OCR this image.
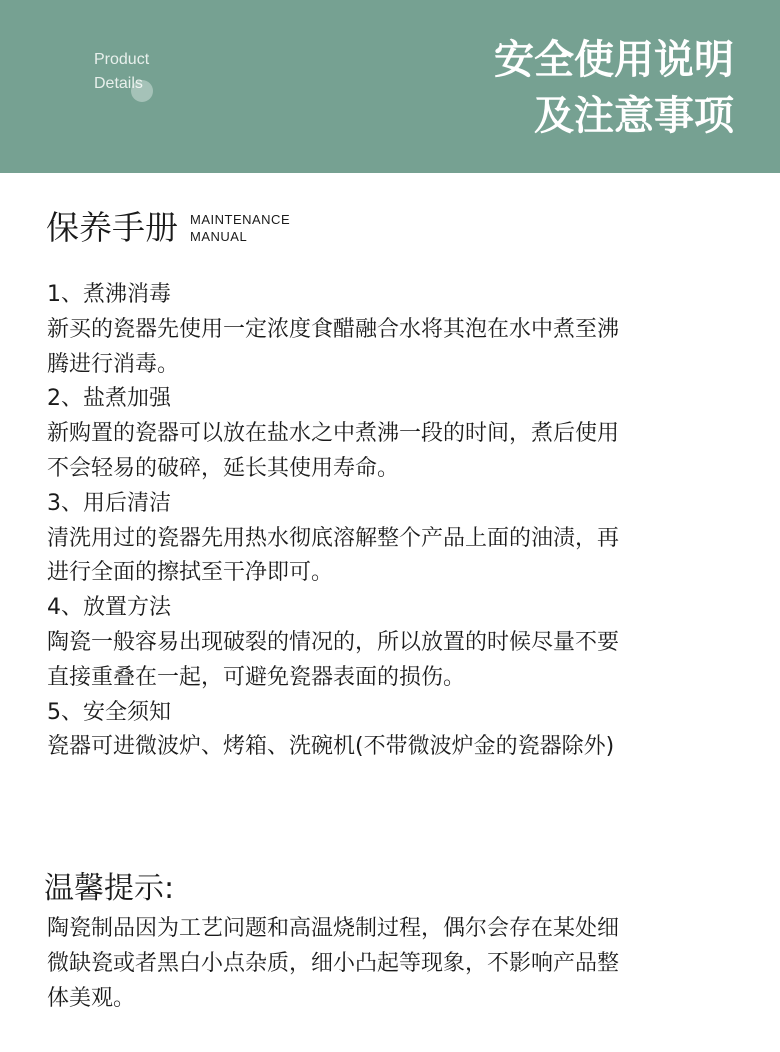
Product
Details
安全使用说明
及注意事项
保养手册 MAINTENANCE
MANUAL
1、煮沸消毒
新买的瓷器先使用一定浓度食醋融合水将其泡在水中煮至沸
腾进行消毒。
2、盐煮加强
新购置的瓷器可以放在盐水之中煮沸一段的时间，煮后使用
不会轻易的破碎，延长其使用寿命。
3、用后清洁
清洗用过的瓷器先用热水彻底溶解整个产品上面的油渍，再
进行全面的擦拭至干净即可。
4、放置方法
陶瓷一般容易出现破裂的情况的，所以放置的时候尽量不要
直接重叠在一起，可避免瓷器表面的损伤。
5、安全须知
瓷器可进微波炉、烤箱、洗碗机(不带微波炉金的瓷器除外)
温馨提示:
陶瓷制品因为工艺问题和高温烧制过程，偶尔会存在某处细
微缺瓷或者黑白小点杂质，细小凸起等现象，不影响产品整
体美观。
